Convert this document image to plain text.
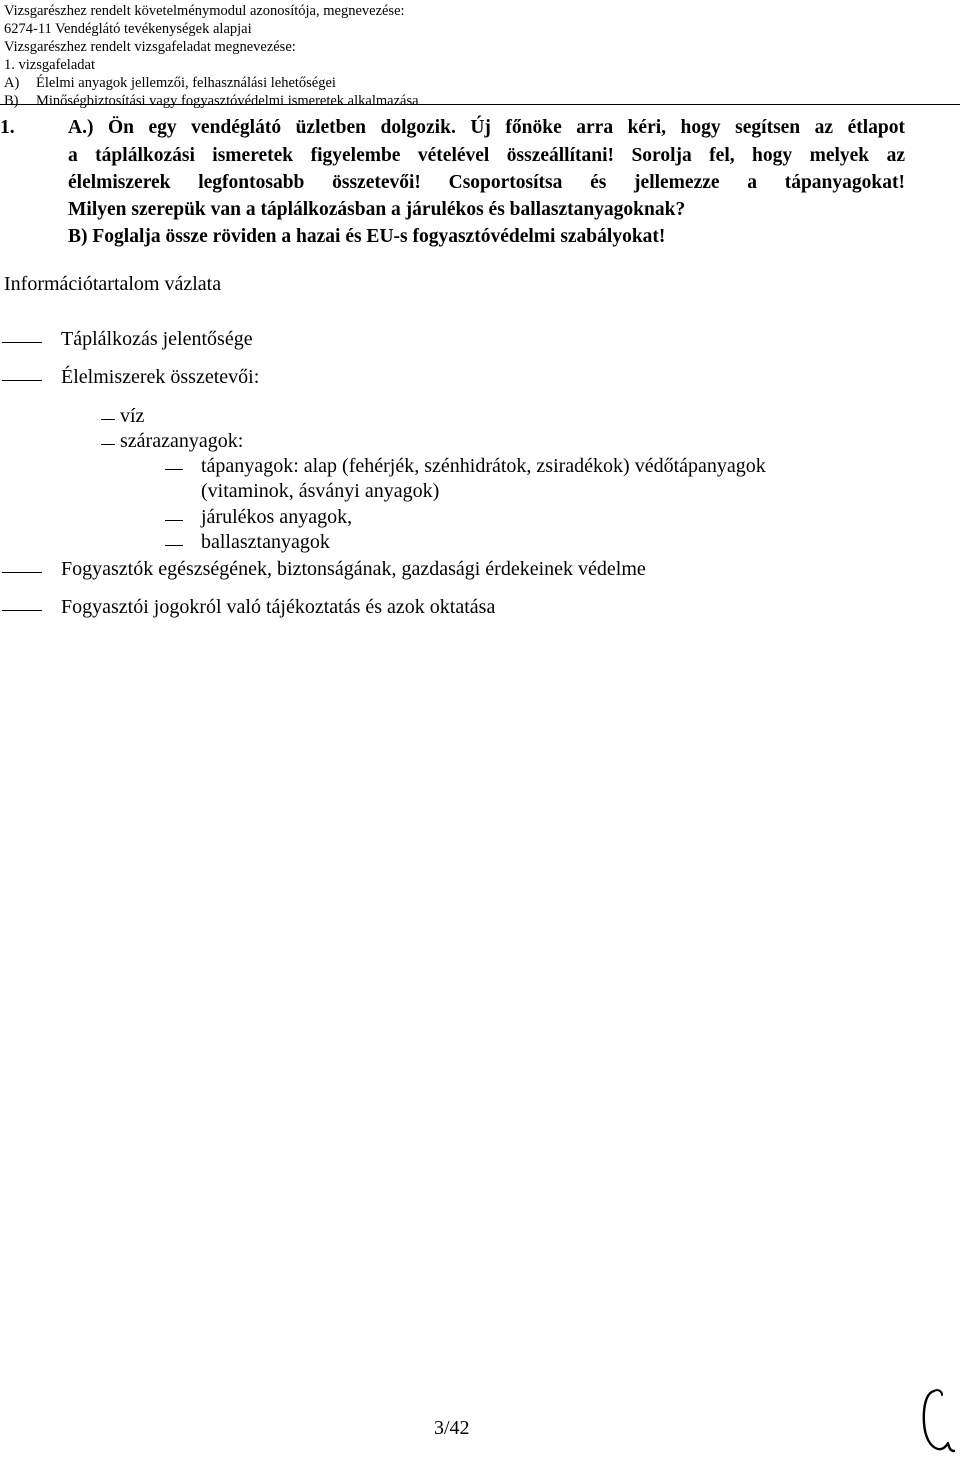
Vizsgarészhez rendelt követelménymodul azonosítója, megnevezése:
6274-11 Vendéglátó tevékenységek alapjai
Vizsgarészhez rendelt vizsgafeladat megnevezése:
1. vizsgafeladat
A) Élelmi anyagok jellemzői, felhasználási lehetőségei
B) Minőségbiztosítási vagy fogyasztóvédelmi ismeretek alkalmazása
1.	A.) Ön egy vendéglátó üzletben dolgozik. Új főnöke arra kéri, hogy segítsen az étlapot
a táplálkozási ismeretek figyelembe vételével összeállítani! Sorolja fel, hogy melyek az
élelmiszerek legfontosabb összetevői! Csoportosítsa és jellemezze a tápanyagokat!
Milyen szerepük van a táplálkozásban a járulékos és ballasztanyagoknak?
B) Foglalja össze röviden a hazai és EU-s fogyasztóvédelmi szabályokat!
Információtartalom vázlata
Táplálkozás jelentősége
Élelmiszerek összetevői:
víz
szárazanyagok:
tápanyagok: alap (fehérjék, szénhidrátok, zsiradékok) védőtápanyagok
(vitaminok, ásványi anyagok)
járulékos anyagok,
ballasztanyagok
Fogyasztók egészségének, biztonságának, gazdasági érdekeinek védelme
Fogyasztói jogokról való tájékoztatás és azok oktatása
3/42
